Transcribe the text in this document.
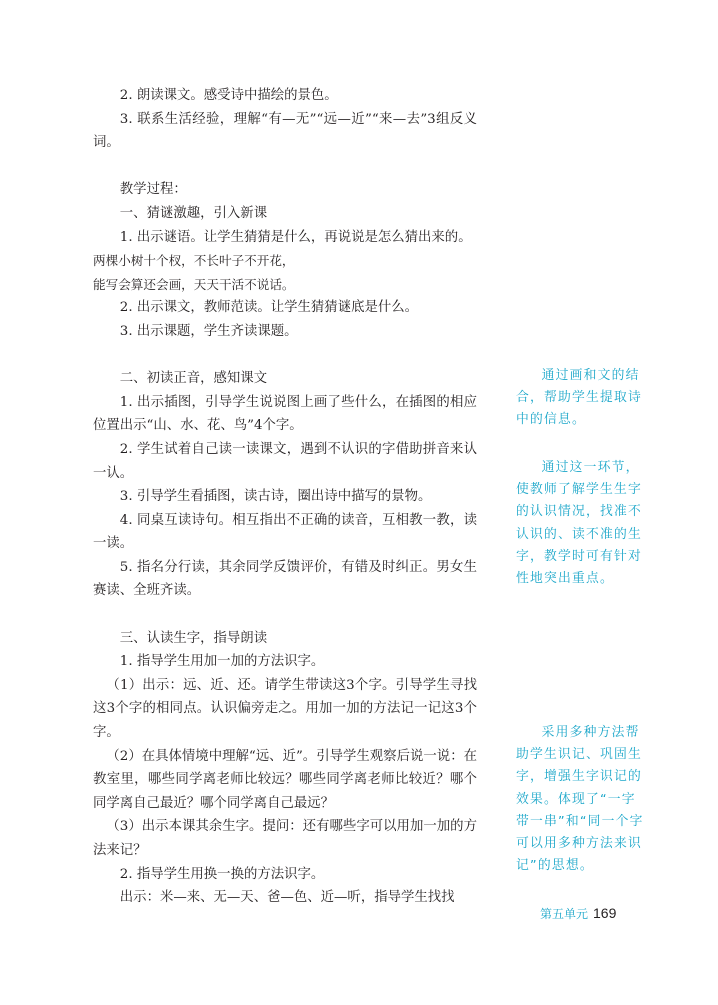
2. 朗读课文。感受诗中描绘的景色。

3. 联系生活经验，理解“有—无”“远—近”“来—去”3组反义词。

教学过程：

一、猜谜激趣，引入新课

1. 出示谜语。让学生猜猜是什么，再说说是怎么猜出来的。

两棵小树十个杈，不长叶子不开花，

能写会算还会画，天天干活不说话。

2. 出示课文，教师范读。让学生猜猜谜底是什么。

3. 出示课题，学生齐读课题。

二、初读正音，感知课文

1. 出示插图，引导学生说说图上画了些什么，在插图的相应位置出示“山、水、花、鸟”4个字。

2. 学生试着自己读一读课文，遇到不认识的字借助拼音来认一认。

3. 引导学生看插图，读古诗，圈出诗中描写的景物。

4. 同桌互读诗句。相互指出不正确的读音，互相教一教，读一读。

5. 指名分行读，其余同学反馈评价，有错及时纠正。男女生赛读、全班齐读。

三、认读生字，指导朗读

1. 指导学生用加一加的方法识字。

（1）出示：远、近、还。请学生带读这3个字。引导学生寻找这3个字的相同点。认识偏旁走之。用加一加的方法记一记这3个字。

（2）在具体情境中理解“远、近”。引导学生观察后说一说：在教室里，哪些同学离老师比较远？哪些同学离老师比较近？哪个同学离自己最近？哪个同学离自己最远？

（3）出示本课其余生字。提问：还有哪些字可以用加一加的方法来记？

2. 指导学生用换一换的方法识字。

出示：米—来、无—天、爸—色、近—听，指导学生找找

通过画和文的结合，帮助学生提取诗中的信息。

通过这一环节，使教师了解学生生字的认识情况，找准不认识的、读不准的生字，教学时可有针对性地突出重点。

采用多种方法帮助学生识记、巩固生字，增强生字识记的效果。体现了“一字带一串”和“同一个字可以用多种方法来识记”的思想。

第五单元 169
